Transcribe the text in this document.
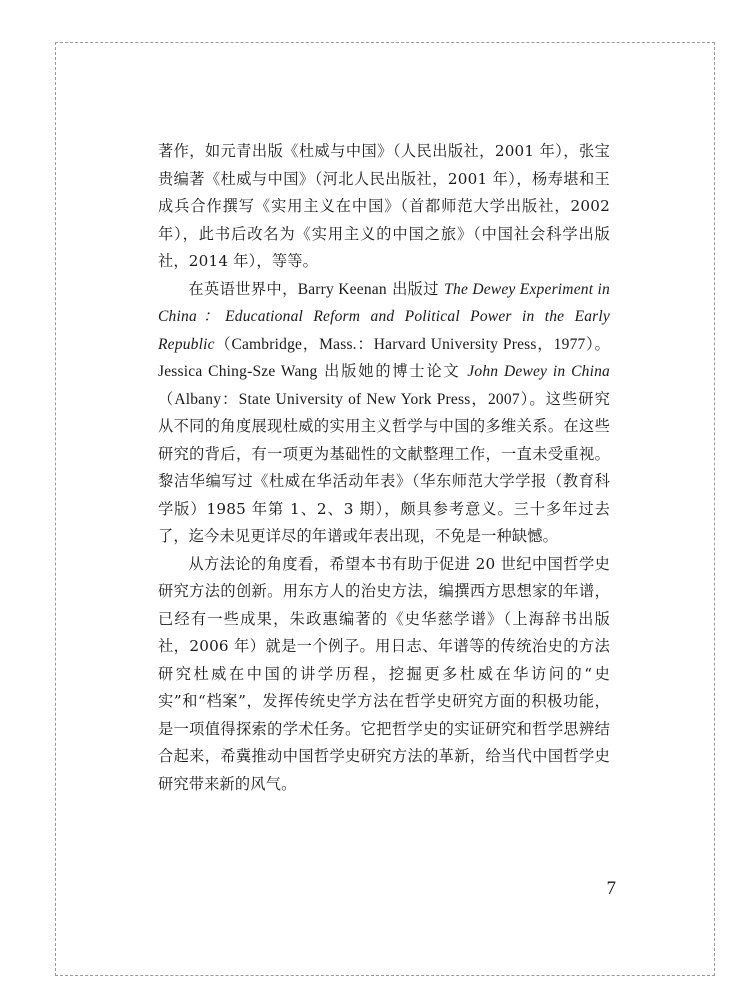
著作，如元青出版《杜威与中国》（人民出版社，2001 年），张宝贵编著《杜威与中国》（河北人民出版社，2001 年），杨寿堪和王成兵合作撰写《实用主义在中国》（首都师范大学出版社，2002 年），此书后改名为《实用主义的中国之旅》（中国社会科学出版社，2014 年），等等。

在英语世界中，Barry Keenan 出版过 The Dewey Experiment in China：Educational Reform and Political Power in the Early Republic（Cambridge，Mass.：Harvard University Press，1977）。Jessica Ching-Sze Wang 出版她的博士论文 John Dewey in China（Albany：State University of New York Press，2007）。这些研究从不同的角度展现杜威的实用主义哲学与中国的多维关系。在这些研究的背后，有一项更为基础性的文献整理工作，一直未受重视。黎洁华编写过《杜威在华活动年表》（华东师范大学学报（教育科学版）1985 年第 1、2、3 期），颇具参考意义。三十多年过去了，迄今未见更详尽的年谱或年表出现，不免是一种缺憾。

从方法论的角度看，希望本书有助于促进 20 世纪中国哲学史研究方法的创新。用东方人的治史方法，编撰西方思想家的年谱，已经有一些成果，朱政惠编著的《史华慈学谱》（上海辞书出版社，2006 年）就是一个例子。用日志、年谱等的传统治史的方法研究杜威在中国的讲学历程，挖掘更多杜威在华访问的“史实”和“档案”，发挥传统史学方法在哲学史研究方面的积极功能，是一项值得探索的学术任务。它把哲学史的实证研究和哲学思辨结合起来，希冀推动中国哲学史研究方法的革新，给当代中国哲学史研究带来新的风气。

7
